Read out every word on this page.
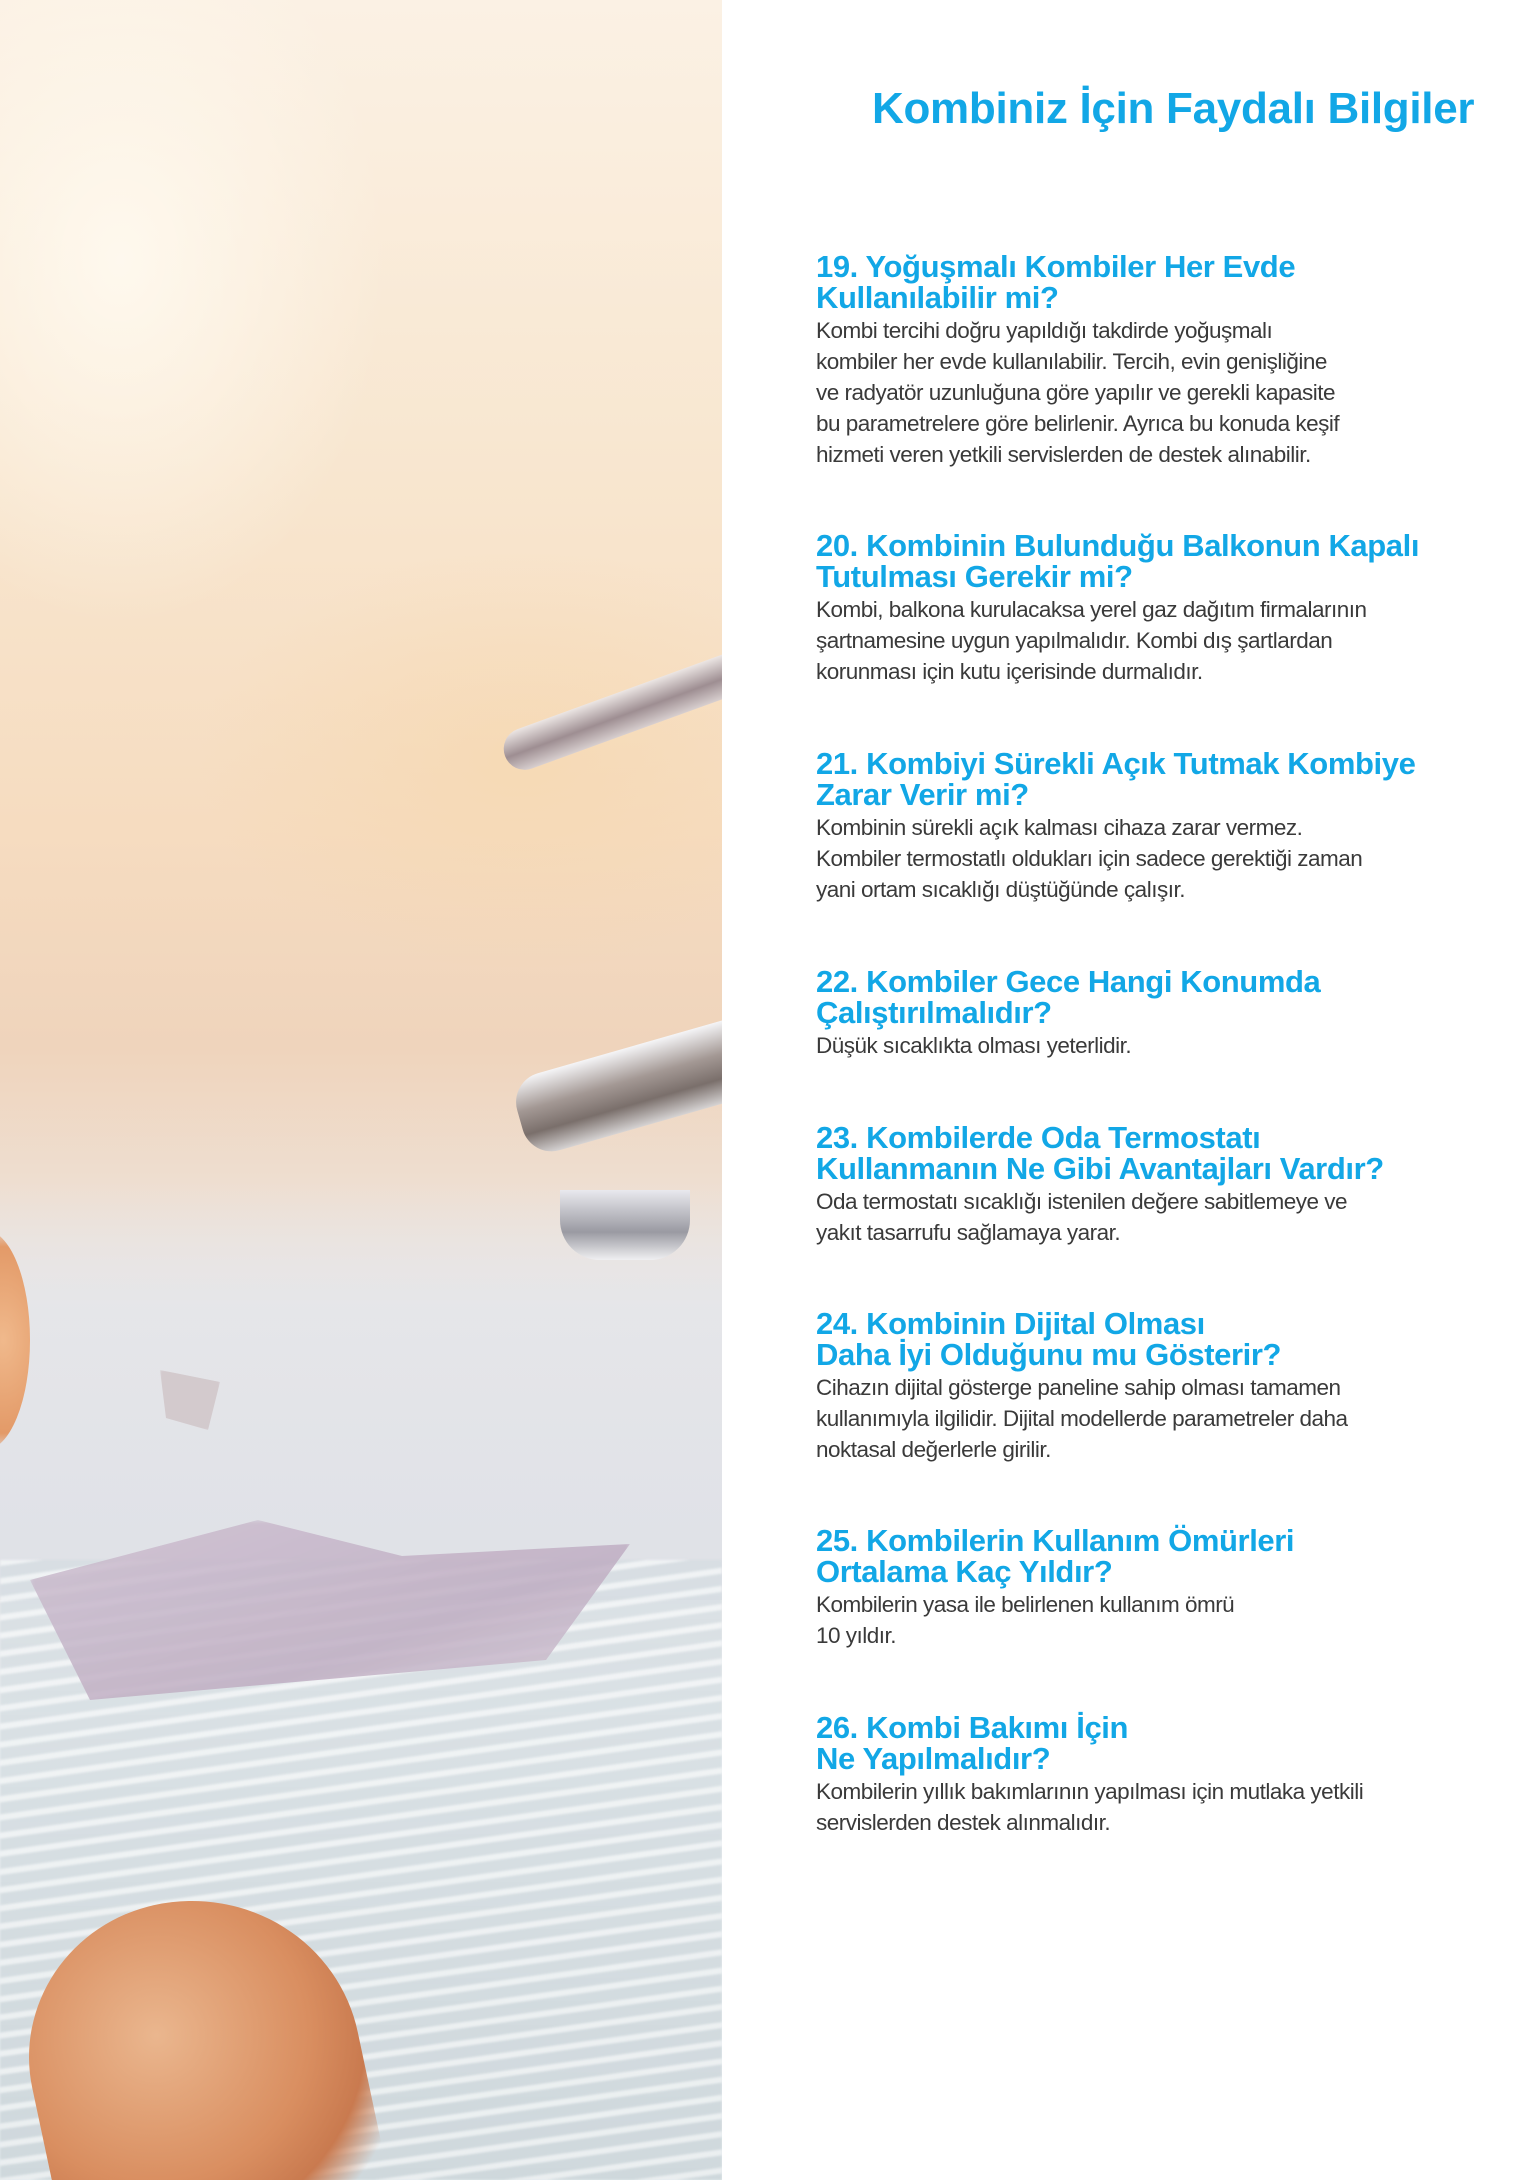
Kombiniz İçin Faydalı Bilgiler
19. Yoğuşmalı Kombiler Her Evde
Kullanılabilir mi?
Kombi tercihi doğru yapıldığı takdirde yoğuşmalı
kombiler her evde kullanılabilir. Tercih, evin genişliğine
ve radyatör uzunluğuna göre yapılır ve gerekli kapasite
bu parametrelere göre belirlenir. Ayrıca bu konuda keşif
hizmeti veren yetkili servislerden de destek alınabilir.
20. Kombinin Bulunduğu Balkonun Kapalı
Tutulması Gerekir mi?
Kombi, balkona kurulacaksa yerel gaz dağıtım firmalarının
şartnamesine uygun yapılmalıdır. Kombi dış şartlardan
korunması için kutu içerisinde durmalıdır.
21. Kombiyi Sürekli Açık Tutmak Kombiye
Zarar Verir mi?
Kombinin sürekli açık kalması cihaza zarar vermez.
Kombiler termostatlı oldukları için sadece gerektiği zaman
yani ortam sıcaklığı düştüğünde çalışır.
22. Kombiler Gece Hangi Konumda
Çalıştırılmalıdır?
Düşük sıcaklıkta olması yeterlidir.
23. Kombilerde Oda Termostatı
Kullanmanın Ne Gibi Avantajları Vardır?
Oda termostatı sıcaklığı istenilen değere sabitlemeye ve
yakıt tasarrufu sağlamaya yarar.
24. Kombinin Dijital Olması
Daha İyi Olduğunu mu Gösterir?
Cihazın dijital gösterge paneline sahip olması tamamen
kullanımıyla ilgilidir. Dijital modellerde parametreler daha
noktasal değerlerle girilir.
25. Kombilerin Kullanım Ömürleri
Ortalama Kaç Yıldır?
Kombilerin yasa ile belirlenen kullanım ömrü
10 yıldır.
26. Kombi Bakımı İçin
Ne Yapılmalıdır?
Kombilerin yıllık bakımlarının yapılması için mutlaka yetkili
servislerden destek alınmalıdır.
